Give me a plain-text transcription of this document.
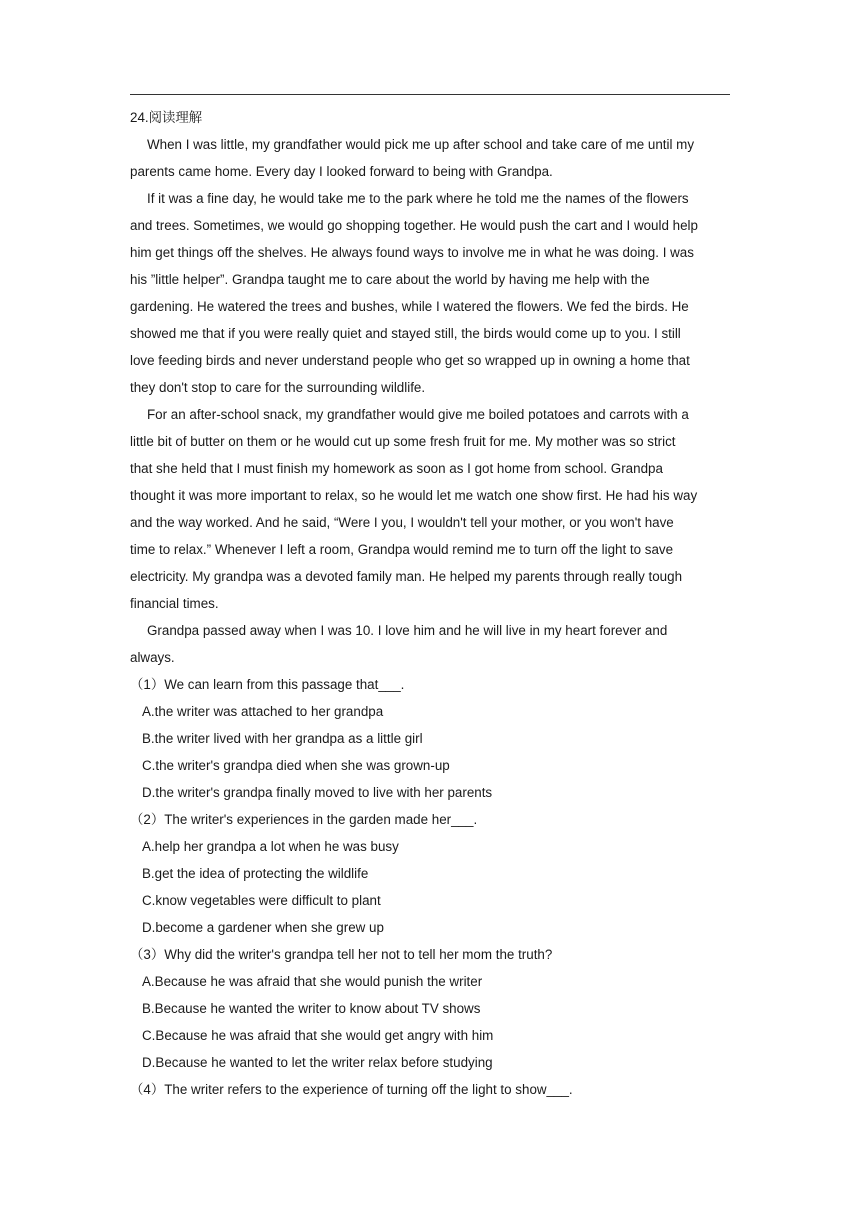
24.阅读理解
When I was little, my grandfather would pick me up after school and take care of me until my
parents came home. Every day I looked forward to being with Grandpa.
If it was a fine day, he would take me to the park where he told me the names of the flowers
and trees. Sometimes, we would go shopping together. He would push the cart and I would help
him get things off the shelves. He always found ways to involve me in what he was doing. I was
his ”little helper”. Grandpa taught me to care about the world by having me help with the
gardening. He watered the trees and bushes, while I watered the flowers. We fed the birds. He
showed me that if you were really quiet and stayed still, the birds would come up to you. I still
love feeding birds and never understand people who get so wrapped up in owning a home that
they don't stop to care for the surrounding wildlife.
For an after-school snack, my grandfather would give me boiled potatoes and carrots with a
little bit of butter on them or he would cut up some fresh fruit for me. My mother was so strict
that she held that I must finish my homework as soon as I got home from school. Grandpa
thought it was more important to relax, so he would let me watch one show first. He had his way
and the way worked. And he said, “Were I you, I wouldn't tell your mother, or you won't have
time to relax.” Whenever I left a room, Grandpa would remind me to turn off the light to save
electricity. My grandpa was a devoted family man. He helped my parents through really tough
financial times.
Grandpa passed away when I was 10. I love him and he will live in my heart forever and
always.
（1）We can learn from this passage that___.
A.the writer was attached to her grandpa
B.the writer lived with her grandpa as a little girl
C.the writer's grandpa died when she was grown-up
D.the writer's grandpa finally moved to live with her parents
（2）The writer's experiences in the garden made her___.
A.help her grandpa a lot when he was busy
B.get the idea of protecting the wildlife
C.know vegetables were difficult to plant
D.become a gardener when she grew up
（3）Why did the writer's grandpa tell her not to tell her mom the truth?
A.Because he was afraid that she would punish the writer
B.Because he wanted the writer to know about TV shows
C.Because he was afraid that she would get angry with him
D.Because he wanted to let the writer relax before studying
（4）The writer refers to the experience of turning off the light to show___.
